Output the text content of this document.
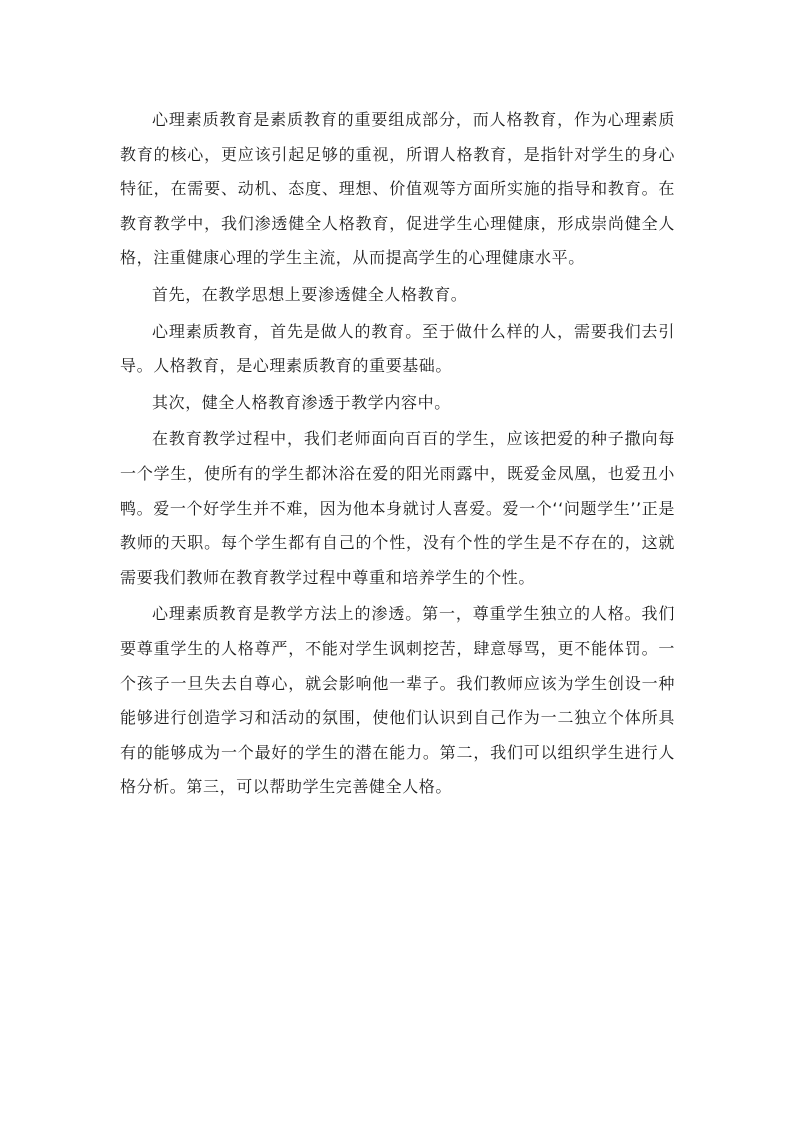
心理素质教育是素质教育的重要组成部分，而人格教育，作为心理素质教育的核心，更应该引起足够的重视，所谓人格教育，是指针对学生的身心特征，在需要、动机、态度、理想、价值观等方面所实施的指导和教育。在教育教学中，我们渗透健全人格教育，促进学生心理健康，形成崇尚健全人格，注重健康心理的学生主流，从而提高学生的心理健康水平。

首先，在教学思想上要渗透健全人格教育。

心理素质教育，首先是做人的教育。至于做什么样的人，需要我们去引导。人格教育，是心理素质教育的重要基础。

其次，健全人格教育渗透于教学内容中。

在教育教学过程中，我们老师面向百百的学生，应该把爱的种子撒向每一个学生，使所有的学生都沐浴在爱的阳光雨露中，既爱金凤凰，也爱丑小鸭。爱一个好学生并不难，因为他本身就讨人喜爱。爱一个‘‘问题学生’’正是教师的天职。每个学生都有自己的个性，没有个性的学生是不存在的，这就需要我们教师在教育教学过程中尊重和培养学生的个性。

心理素质教育是教学方法上的渗透。第一，尊重学生独立的人格。我们要尊重学生的人格尊严，不能对学生讽刺挖苦，肆意辱骂，更不能体罚。一个孩子一旦失去自尊心，就会影响他一辈子。我们教师应该为学生创设一种能够进行创造学习和活动的氛围，使他们认识到自己作为一二独立个体所具有的能够成为一个最好的学生的潜在能力。第二，我们可以组织学生进行人格分析。第三，可以帮助学生完善健全人格。
